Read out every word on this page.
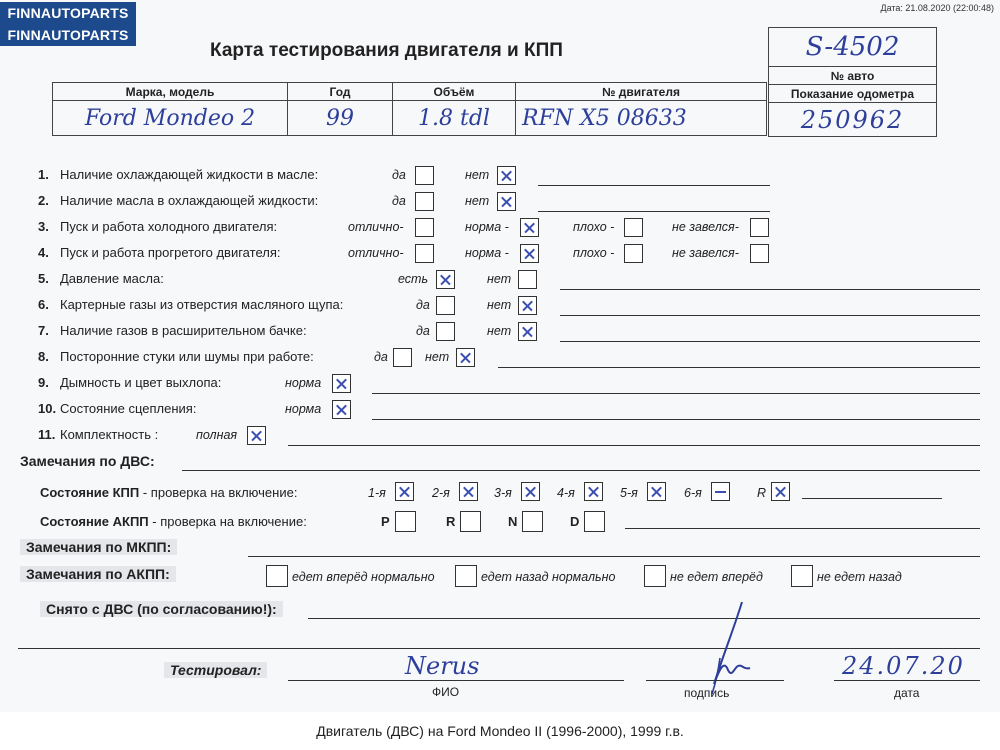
FINNAUTOPARTS
FINNAUTOPARTS
Дата: 21.08.2020 (22:00:48)
Карта тестирования двигателя и КПП	S-4502
№ авто
Показание одометра
250962
Марка, модель	Год	Объём	№ двигателя
Ford Mondeo 2	99	1.8 tdl	RFN X5 08633
1. Наличие охлаждающей жидкости в масле:	да	нет
2. Наличие масла в охлаждающей жидкости:	да	нет
3. Пуск и работа холодного двигателя:	отлично-	норма -	плохо -	не завелся-
4. Пуск и работа прогретого двигателя:	отлично-	норма -	плохо -	не завелся-
5. Давление масла:	есть	нет
6. Картерные газы из отверстия масляного щупа:	да	нет
7. Наличие газов в расширительном бачке:	да	нет
8. Посторонние стуки или шумы при работе:	да	нет
9. Дымность и цвет выхлопа:	норма
10. Состояние сцепления:	норма
11. Комплектность :	полная
Замечания по ДВС:
Состояние КПП - проверка на включение:	1-я	2-я	3-я	4-я	5-я	6-я	R
Состояние АКПП - проверка на включение:	P	R	N	D
Замечания по МКПП:
Замечания по АКПП:	едет вперёд нормально	едет назад нормально	не едет вперёд	не едет назад
Снято с ДВС (по согласованию!):
Тестировал:	Nerus
ФИО	подпись
24.07.20
дата
Двигатель (ДВС) на Ford Mondeo II (1996-2000), 1999 г.в.
